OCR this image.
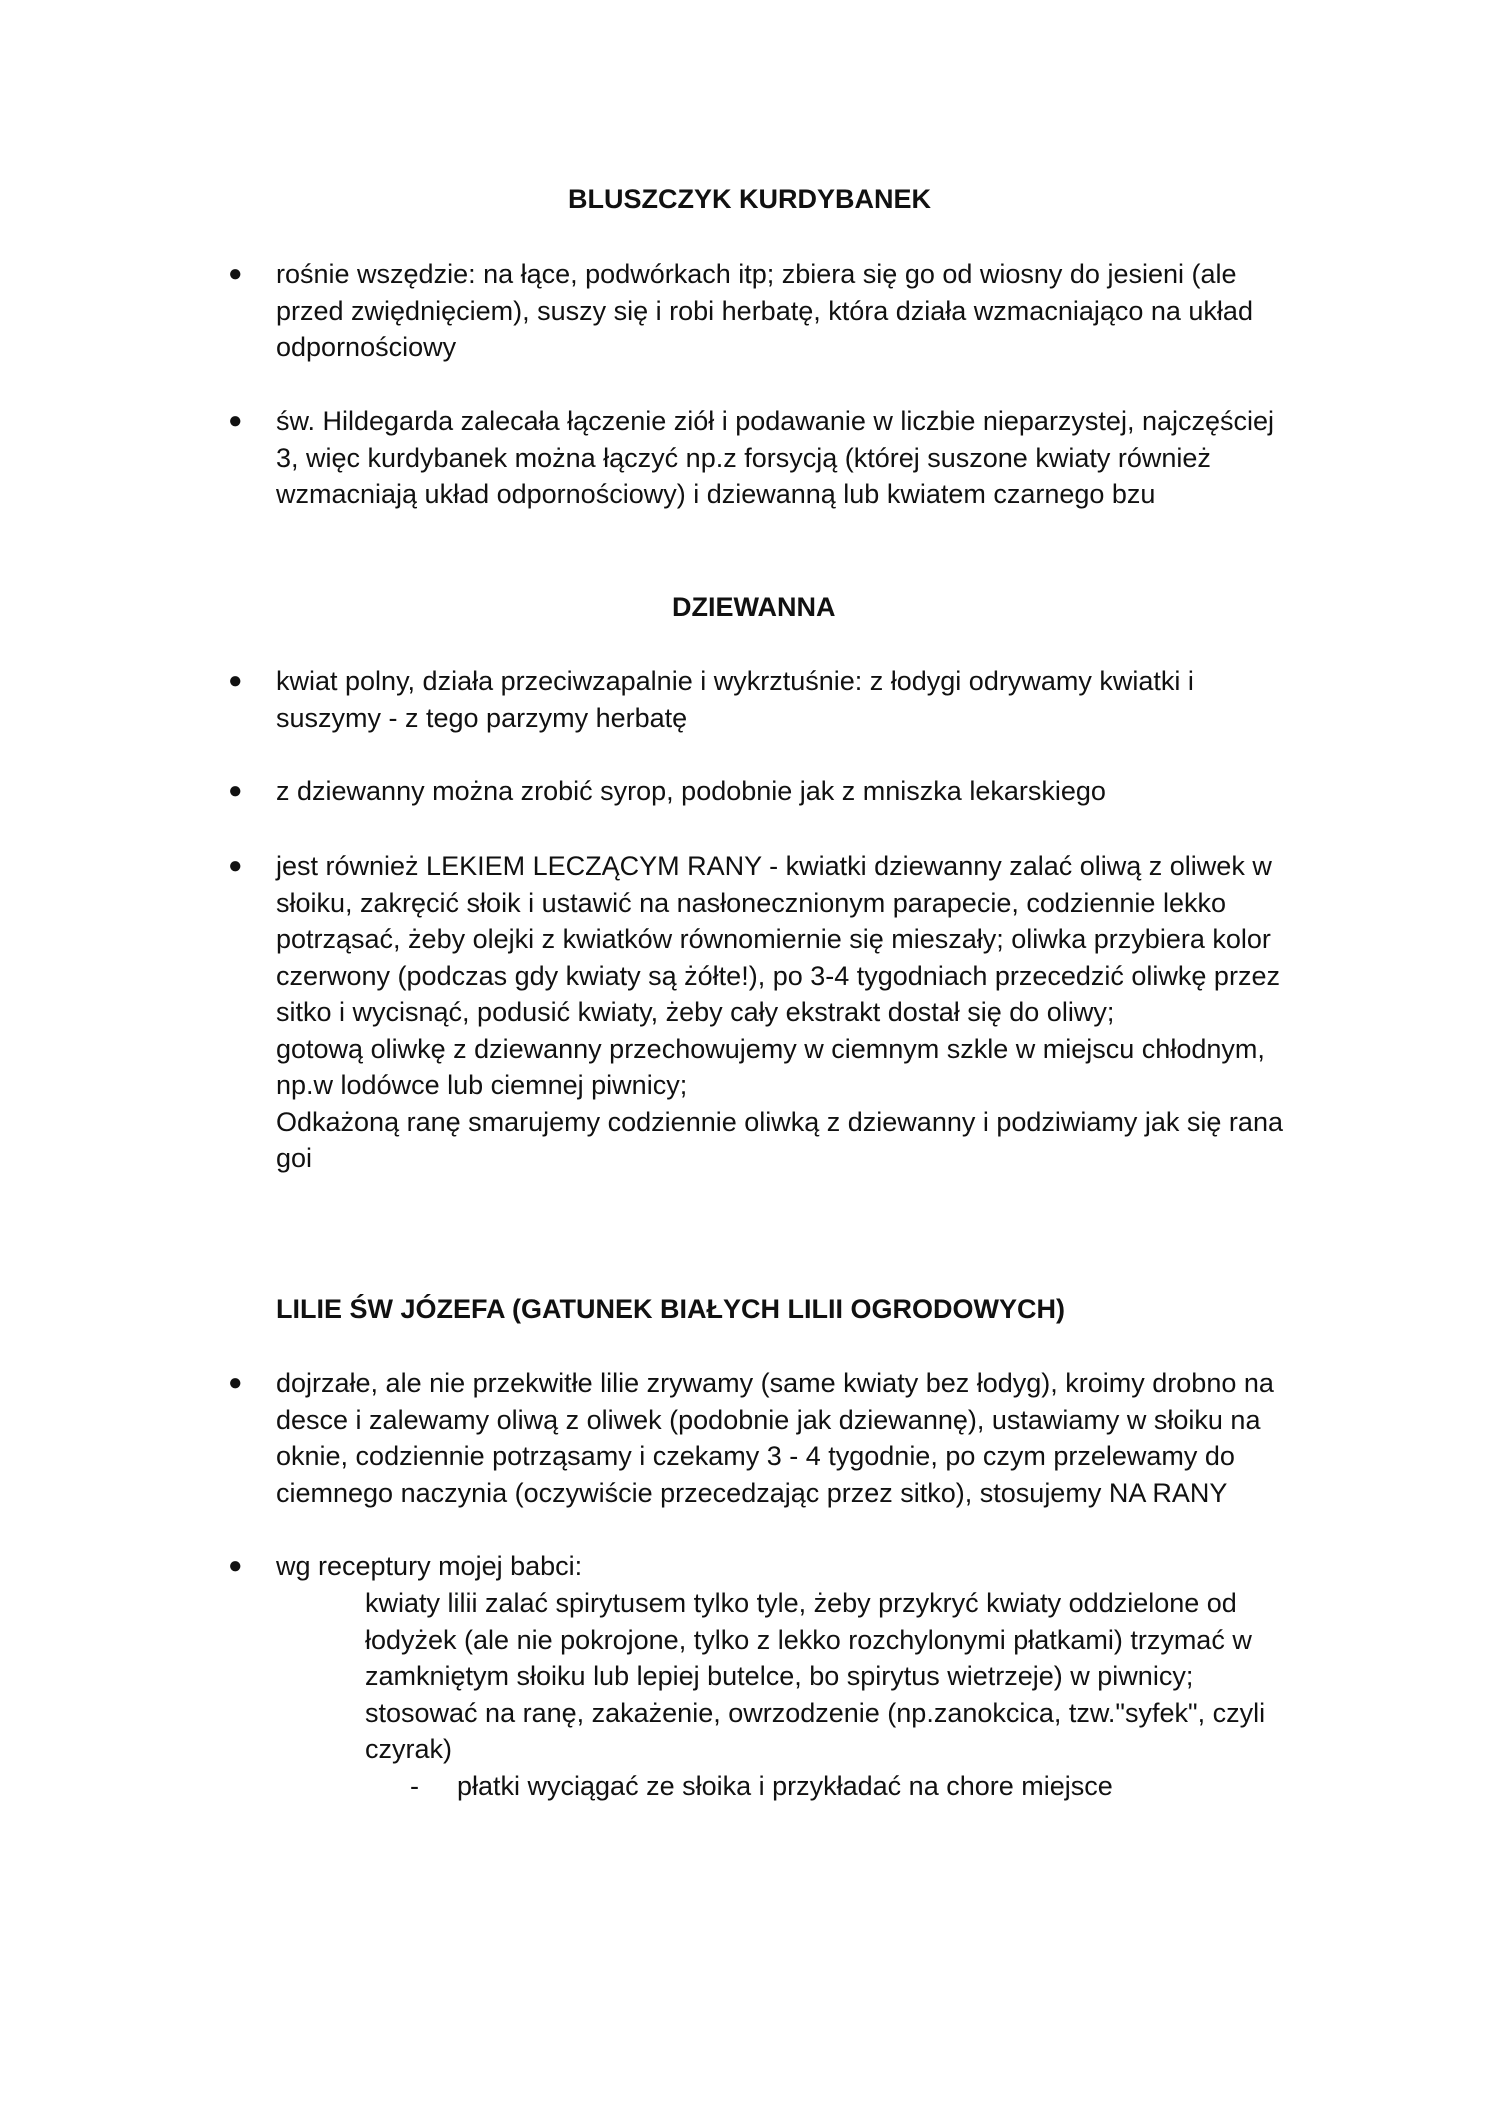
BLUSZCZYK KURDYBANEK
●	rośnie wszędzie: na łące, podwórkach itp; zbiera się go od wiosny do jesieni (ale
przed zwiędnięciem), suszy się i robi herbatę, która działa wzmacniająco na układ
odpornościowy
●	św. Hildegarda zalecała łączenie ziół i podawanie w liczbie nieparzystej, najczęściej
3, więc kurdybanek można łączyć np.z forsycją (której suszone kwiaty również
wzmacniają układ odpornościowy) i dziewanną lub kwiatem czarnego bzu
DZIEWANNA
●	kwiat polny, działa przeciwzapalnie i wykrztuśnie: z łodygi odrywamy kwiatki i
suszymy - z tego parzymy herbatę
●	z dziewanny można zrobić syrop, podobnie jak z mniszka lekarskiego
●	jest również LEKIEM LECZĄCYM RANY - kwiatki dziewanny zalać oliwą z oliwek w
słoiku, zakręcić słoik i ustawić na nasłonecznionym parapecie, codziennie lekko
potrząsać, żeby olejki z kwiatków równomiernie się mieszały; oliwka przybiera kolor
czerwony (podczas gdy kwiaty są żółte!), po 3-4 tygodniach przecedzić oliwkę przez
sitko i wycisnąć, podusić kwiaty, żeby cały ekstrakt dostał się do oliwy;
gotową oliwkę z dziewanny przechowujemy w ciemnym szkle w miejscu chłodnym,
np.w lodówce lub ciemnej piwnicy;
Odkażoną ranę smarujemy codziennie oliwką z dziewanny i podziwiamy jak się rana
goi
LILIE ŚW JÓZEFA (GATUNEK BIAŁYCH LILII OGRODOWYCH)
●	dojrzałe, ale nie przekwitłe lilie zrywamy (same kwiaty bez łodyg), kroimy drobno na
desce i zalewamy oliwą z oliwek (podobnie jak dziewannę), ustawiamy w słoiku na
oknie, codziennie potrząsamy i czekamy 3 - 4 tygodnie, po czym przelewamy do
ciemnego naczynia (oczywiście przecedzając przez sitko), stosujemy NA RANY
●	wg receptury mojej babci:
kwiaty lilii zalać spirytusem tylko tyle, żeby przykryć kwiaty oddzielone od
łodyżek (ale nie pokrojone, tylko z lekko rozchylonymi płatkami) trzymać w
zamkniętym słoiku lub lepiej butelce, bo spirytus wietrzeje) w piwnicy;
stosować na ranę, zakażenie, owrzodzenie (np.zanokcica, tzw."syfek", czyli
czyrak)
- płatki wyciągać ze słoika i przykładać na chore miejsce
